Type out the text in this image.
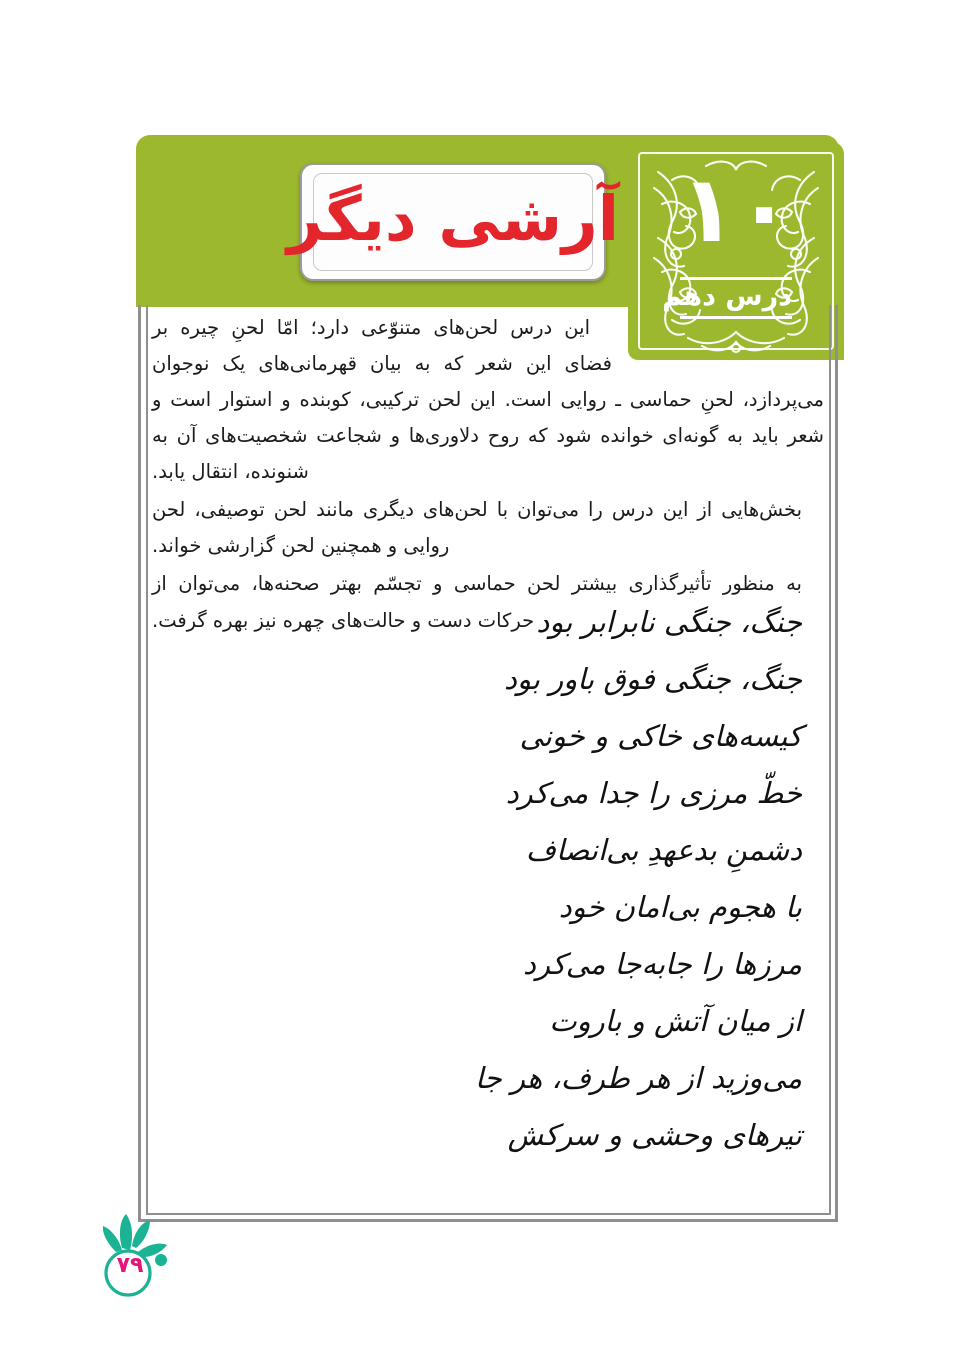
آرشی دیگر ۱۰
درس دهم

این درس لحن‌های متنوّعی دارد؛ امّا لحنِ چیره بر فضای این شعر که به بیان قهرمانی‌های یک نوجوان می‌پردازد، لحنِ حماسی ـ روایی است. این لحن ترکیبی، کوبنده و استوار است و شعر باید به گونه‌ای خوانده شود که روح دلاوری‌ها و شجاعت شخصیت‌های آن به شنونده، انتقال یابد.

بخش‌هایی از این درس را می‌توان با لحن‌های دیگری مانند لحن توصیفی، لحن روایی و همچنین لحن گزارشی خواند.

به منظور تأثیرگذاری بیشتر لحن حماسی و تجسّم بهتر صحنه‌ها، می‌توان از حرکات دست و حالت‌های چهره نیز بهره گرفت. جنگ، جنگی نابرابر بود
جنگ، جنگی فوق باور بود
کیسه‌های خاکی و خونی
خطّ مرزی را جدا می‌کرد
دشمنِ بدعهدِ بی‌انصاف
با هجوم بی‌امان خود
مرزها را جابه‌جا می‌کرد
از میان آتش و باروت
می‌وزید از هر طرف، هر جا
تیرهای وحشی و سرکش
۷۹
